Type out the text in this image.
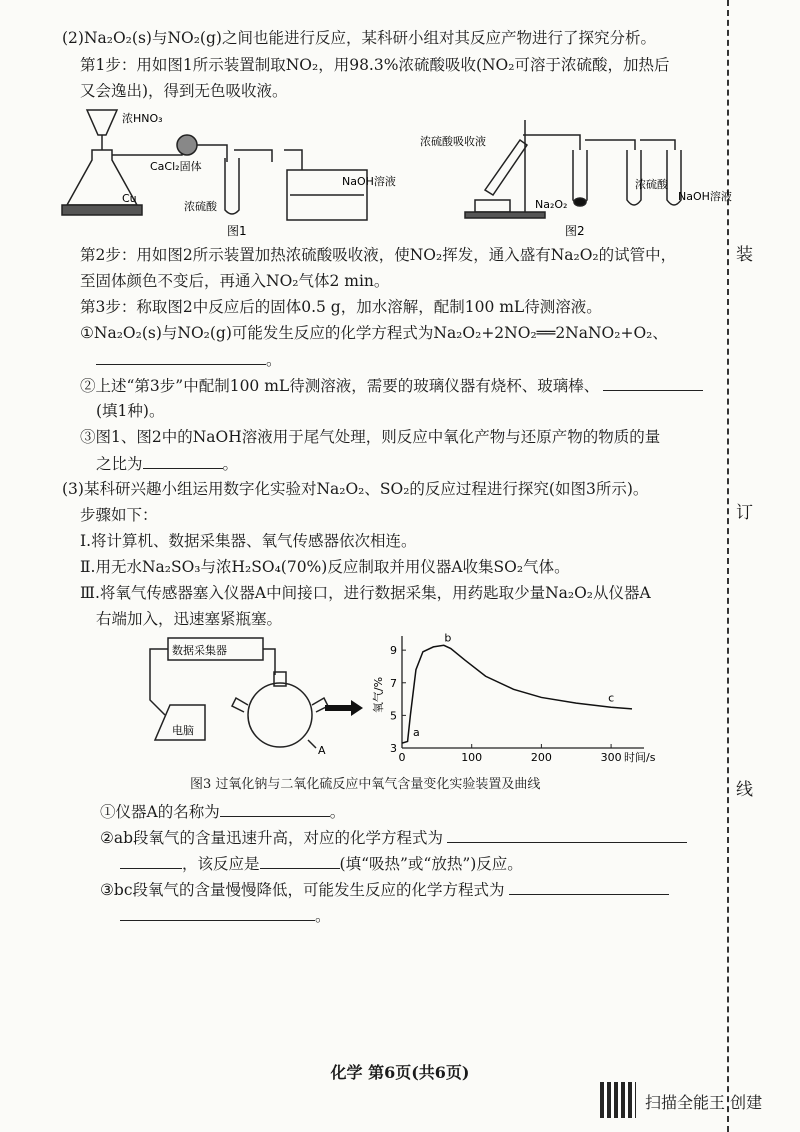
装
订
线
(2)Na₂O₂(s)与NO₂(g)之间也能进行反应，某科研小组对其反应产物进行了探究分析。
第1步：用如图1所示装置制取NO₂，用98.3%浓硫酸吸收(NO₂可溶于浓硫酸，加热后
又会逸出)，得到无色吸收液。
浓HNO₃
CaCl₂固体
Cu
浓硫酸
NaOH溶液
图1
浓硫酸吸收液
Na₂O₂
浓硫酸
NaOH溶液
图2
第2步：用如图2所示装置加热浓硫酸吸收液，使NO₂挥发，通入盛有Na₂O₂的试管中，
至固体颜色不变后，再通入NO₂气体2 min。
第3步：称取图2中反应后的固体0.5 g，加水溶解，配制100 mL待测溶液。
①Na₂O₂(s)与NO₂(g)可能发生反应的化学方程式为Na₂O₂+2NO₂══2NaNO₂+O₂、
。
②上述“第3步”中配制100 mL待测溶液，需要的玻璃仪器有烧杯、玻璃棒、
(填1种)。
③图1、图2中的NaOH溶液用于尾气处理，则反应中氧化产物与还原产物的物质的量
之比为	。
(3)某科研兴趣小组运用数字化实验对Na₂O₂、SO₂的反应过程进行探究(如图3所示)。
步骤如下：
Ⅰ.将计算机、数据采集器、氧气传感器依次相连。
Ⅱ.用无水Na₂SO₃与浓H₂SO₄(70%)反应制取并用仪器A收集SO₂气体。
Ⅲ.将氧气传感器塞入仪器A中间接口，进行数据采集，用药匙取少量Na₂O₂从仪器A
右端加入，迅速塞紧瓶塞。
数据采集器
电脑
A
0	100	200	300
3
5
7
9
时间/s
氧气/%
a
b
c
图3 过氧化钠与二氧化硫反应中氧气含量变化实验装置及曲线
①仪器A的名称为	。
②ab段氧气的含量迅速升高，对应的化学方程式为
，该反应是	(填“吸热”或“放热”)反应。
③bc段氧气的含量慢慢降低，可能发生反应的化学方程式为
。
化学 第6页(共6页)
扫描全能王 创建
